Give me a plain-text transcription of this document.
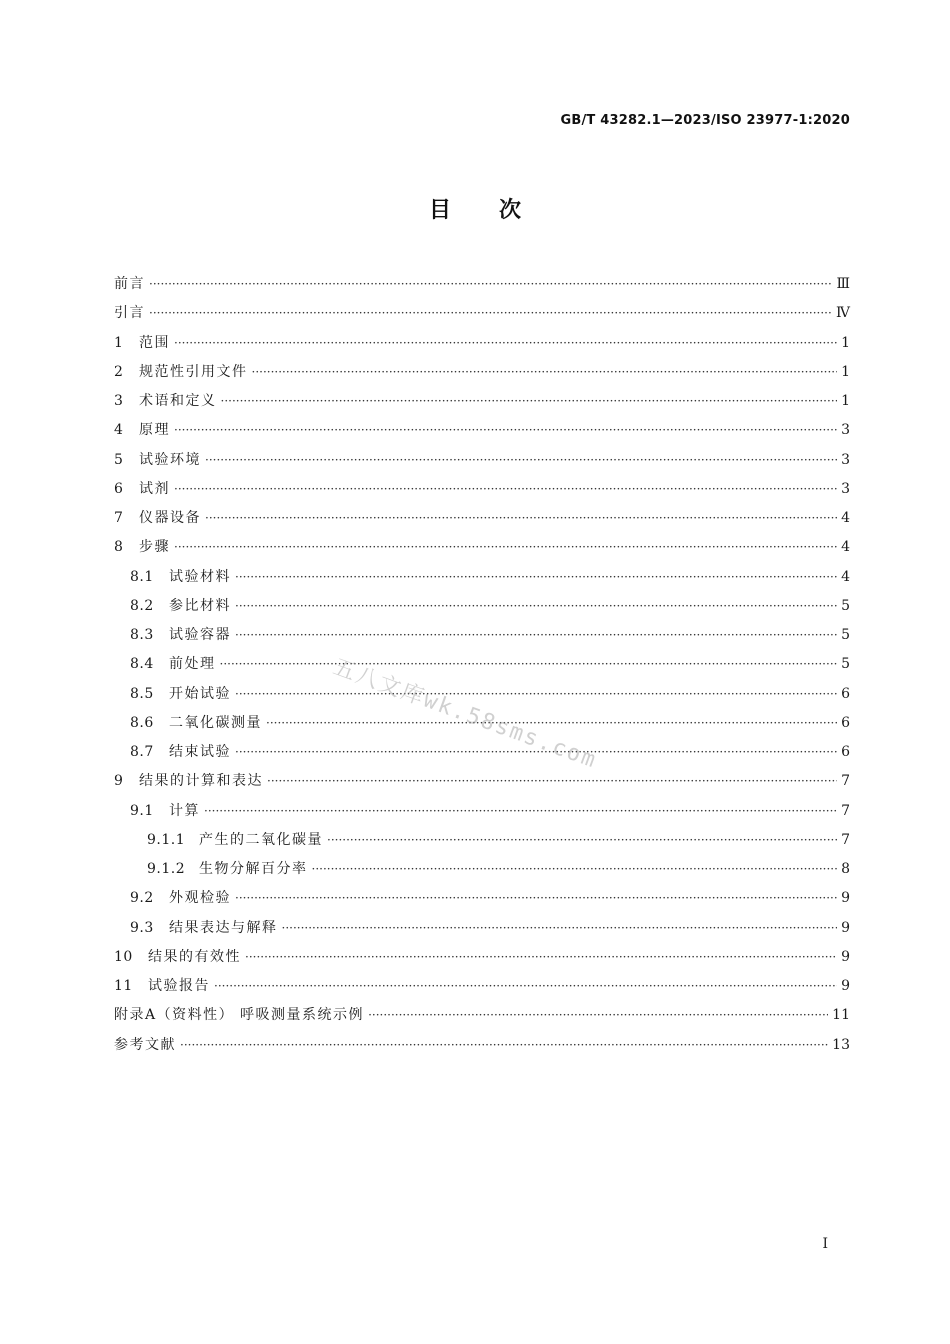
GB/T 43282.1—2023/ISO 23977-1:2020
目次
前言 ·····	Ⅲ
引言 ·····	Ⅳ
1	范围 ·····	1
2	规范性引用文件 ·····	1
3	术语和定义 ·····	1
4	原理 ·····	3
5	试验环境 ·····	3
6	试剂 ·····	3
7	仪器设备 ·····	4
8	步骤 ·····	4
8.1	试验材料 ·····	4
8.2	参比材料 ·····	5
8.3	试验容器 ·····	5
8.4	前处理 ·····	5
8.5	开始试验 ·····	6
8.6	二氧化碳测量 ·····	6
8.7	结束试验 ·····	6
9	结果的计算和表达 ·····	7
9.1	计算 ·····	7
9.1.1 产生的二氧化碳量 ·····	7
9.1.2 生物分解百分率 ·····	8
9.2	外观检验 ·····	9
9.3	结果表达与解释 ·····	9
10	结果的有效性 ·····	9
11	试验报告 ·····	9
附录A（资料性） 呼吸测量系统示例 ·····	11
参考文献 ·····	13
五八文库wk.58sms.com
I
